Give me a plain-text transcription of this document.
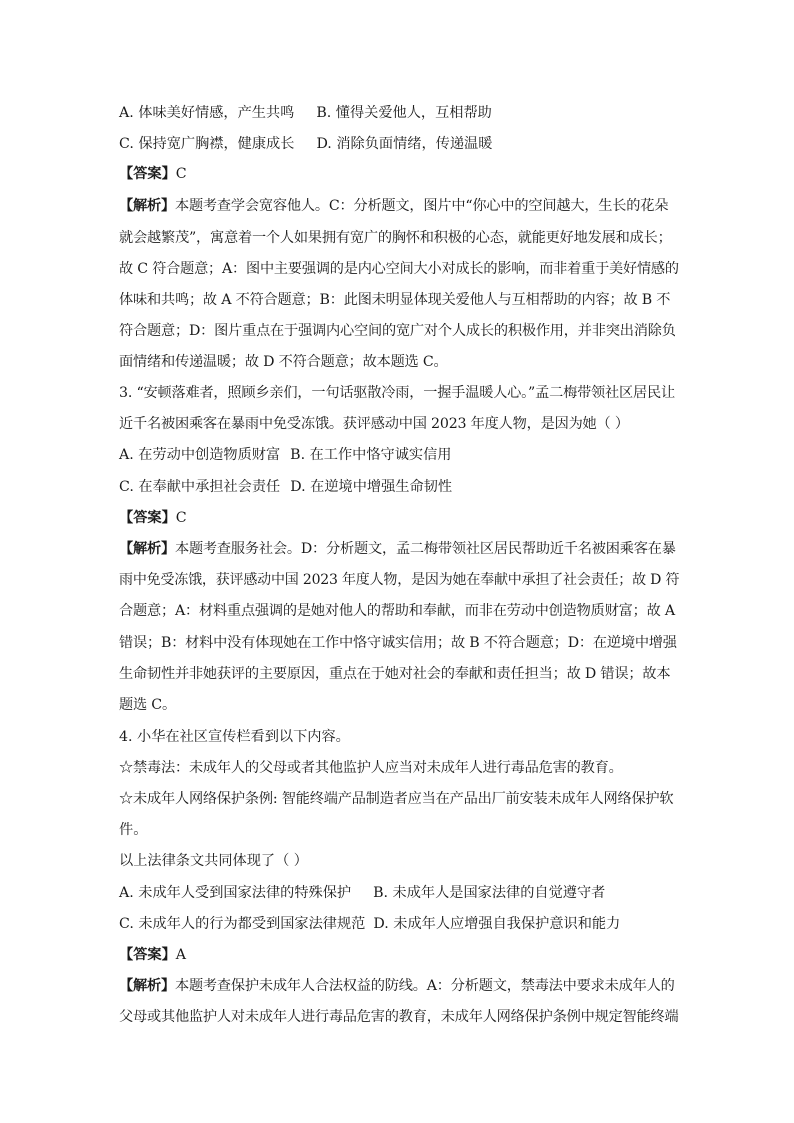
A. 体味美好情感，产生共鸣 B. 懂得关爱他人，互相帮助
C. 保持宽广胸襟，健康成长 D. 消除负面情绪，传递温暖
【答案】C
【解析】本题考查学会宽容他人。C：分析题文，图片中“你心中的空间越大，生长的花朵
就会越繁茂”，寓意着一个人如果拥有宽广的胸怀和积极的心态，就能更好地发展和成长；
故 C 符合题意；A：图中主要强调的是内心空间大小对成长的影响，而非着重于美好情感的
体味和共鸣；故 A 不符合题意；B：此图未明显体现关爱他人与互相帮助的内容；故 B 不
符合题意；D：图片重点在于强调内心空间的宽广对个人成长的积极作用，并非突出消除负
面情绪和传递温暖；故 D 不符合题意；故本题选 C。
3. “安顿落难者，照顾乡亲们，一句话驱散冷雨，一握手温暖人心。”孟二梅带领社区居民让
近千名被困乘客在暴雨中免受冻饿。获评感动中国 2023 年度人物，是因为她（ ）
A. 在劳动中创造物质财富 B. 在工作中恪守诚实信用
C. 在奉献中承担社会责任 D. 在逆境中增强生命韧性
【答案】C
【解析】本题考查服务社会。D：分析题文，孟二梅带领社区居民帮助近千名被困乘客在暴
雨中免受冻饿，获评感动中国 2023 年度人物，是因为她在奉献中承担了社会责任；故 D 符
合题意；A：材料重点强调的是她对他人的帮助和奉献，而非在劳动中创造物质财富；故 A
错误；B：材料中没有体现她在工作中恪守诚实信用；故 B 不符合题意；D：在逆境中增强
生命韧性并非她获评的主要原因，重点在于她对社会的奉献和责任担当；故 D 错误；故本
题选 C。
4. 小华在社区宣传栏看到以下内容。
☆禁毒法：未成年人的父母或者其他监护人应当对未成年人进行毒品危害的教育。
☆未成年人网络保护条例: 智能终端产品制造者应当在产品出厂前安装未成年人网络保护软
件。
以上法律条文共同体现了（ ）
A. 未成年人受到国家法律的特殊保护 B. 未成年人是国家法律的自觉遵守者
C. 未成年人的行为都受到国家法律规范 D. 未成年人应增强自我保护意识和能力
【答案】A
【解析】本题考查保护未成年人合法权益的防线。A：分析题文，禁毒法中要求未成年人的
父母或其他监护人对未成年人进行毒品危害的教育，未成年人网络保护条例中规定智能终端
